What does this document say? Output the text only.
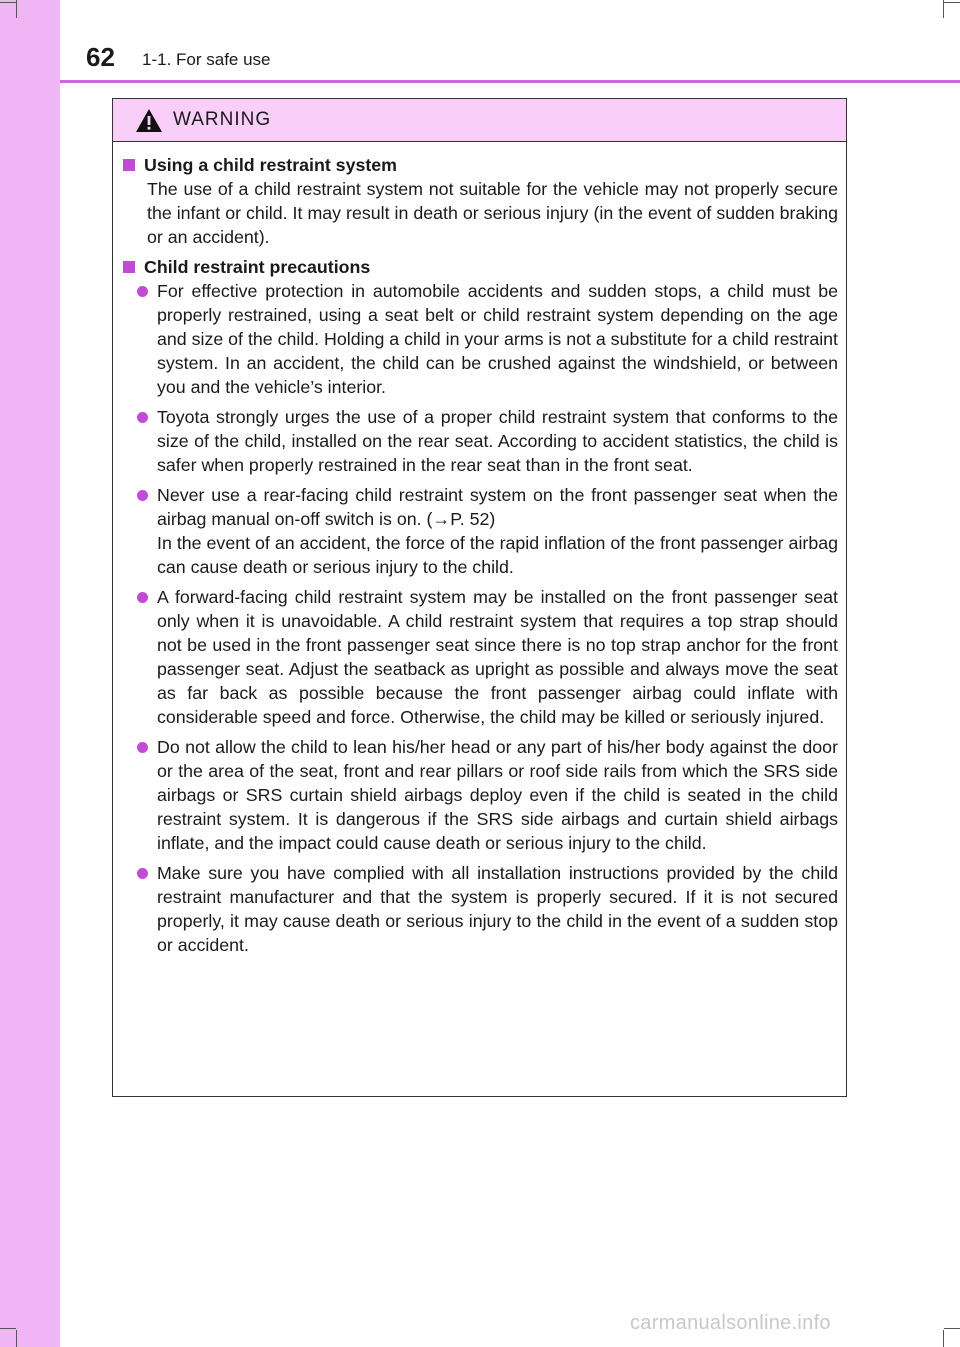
62 1-1. For safe use
WARNING
Using a child restraint system
The use of a child restraint system not suitable for the vehicle may not properly secure the infant or child. It may result in death or serious injury (in the event of sudden braking or an accident).
Child restraint precautions
For effective protection in automobile accidents and sudden stops, a child must be properly restrained, using a seat belt or child restraint system depending on the age and size of the child. Holding a child in your arms is not a substitute for a child restraint system. In an accident, the child can be crushed against the windshield, or between you and the vehicle’s interior.
Toyota strongly urges the use of a proper child restraint system that conforms to the size of the child, installed on the rear seat. According to accident statistics, the child is safer when properly restrained in the rear seat than in the front seat.
Never use a rear-facing child restraint system on the front passenger seat when the airbag manual on-off switch is on. (→P. 52)
In the event of an accident, the force of the rapid inflation of the front passenger airbag can cause death or serious injury to the child.
A forward-facing child restraint system may be installed on the front passenger seat only when it is unavoidable. A child restraint system that requires a top strap should not be used in the front passenger seat since there is no top strap anchor for the front passenger seat. Adjust the seatback as upright as possible and always move the seat as far back as possible because the front passenger airbag could inflate with considerable speed and force. Otherwise, the child may be killed or seriously injured.
Do not allow the child to lean his/her head or any part of his/her body against the door or the area of the seat, front and rear pillars or roof side rails from which the SRS side airbags or SRS curtain shield airbags deploy even if the child is seated in the child restraint system. It is dangerous if the SRS side airbags and curtain shield airbags inflate, and the impact could cause death or serious injury to the child.
Make sure you have complied with all installation instructions provided by the child restraint manufacturer and that the system is properly secured. If it is not secured properly, it may cause death or serious injury to the child in the event of a sudden stop or accident.
carmanualsonline.info
